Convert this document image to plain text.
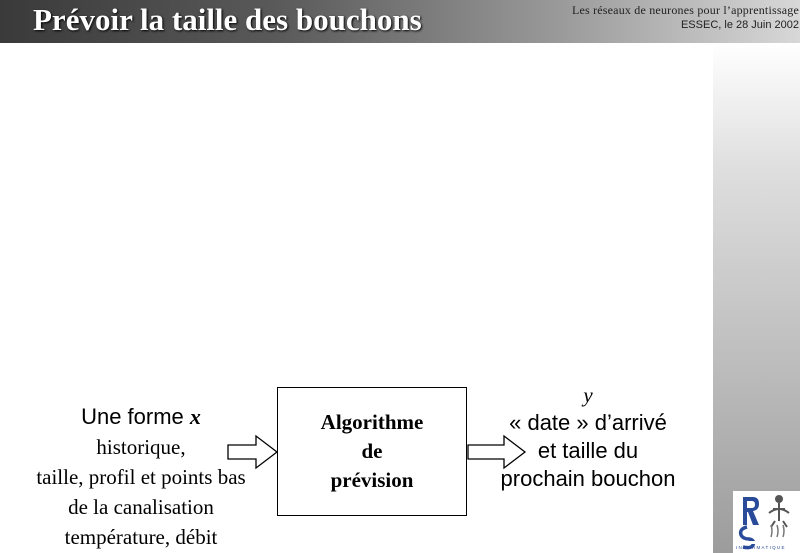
Prévoir la taille des bouchons	Les réseaux de neurones pour l’apprentissage
ESSEC, le 28 Juin 2002
INFORMATIQUE
Une forme x
historique,
taille, profil et points bas
de la canalisation
température, débit
Algorithme
de
prévision
y
« date » d’arrivé
et taille du
prochain bouchon
